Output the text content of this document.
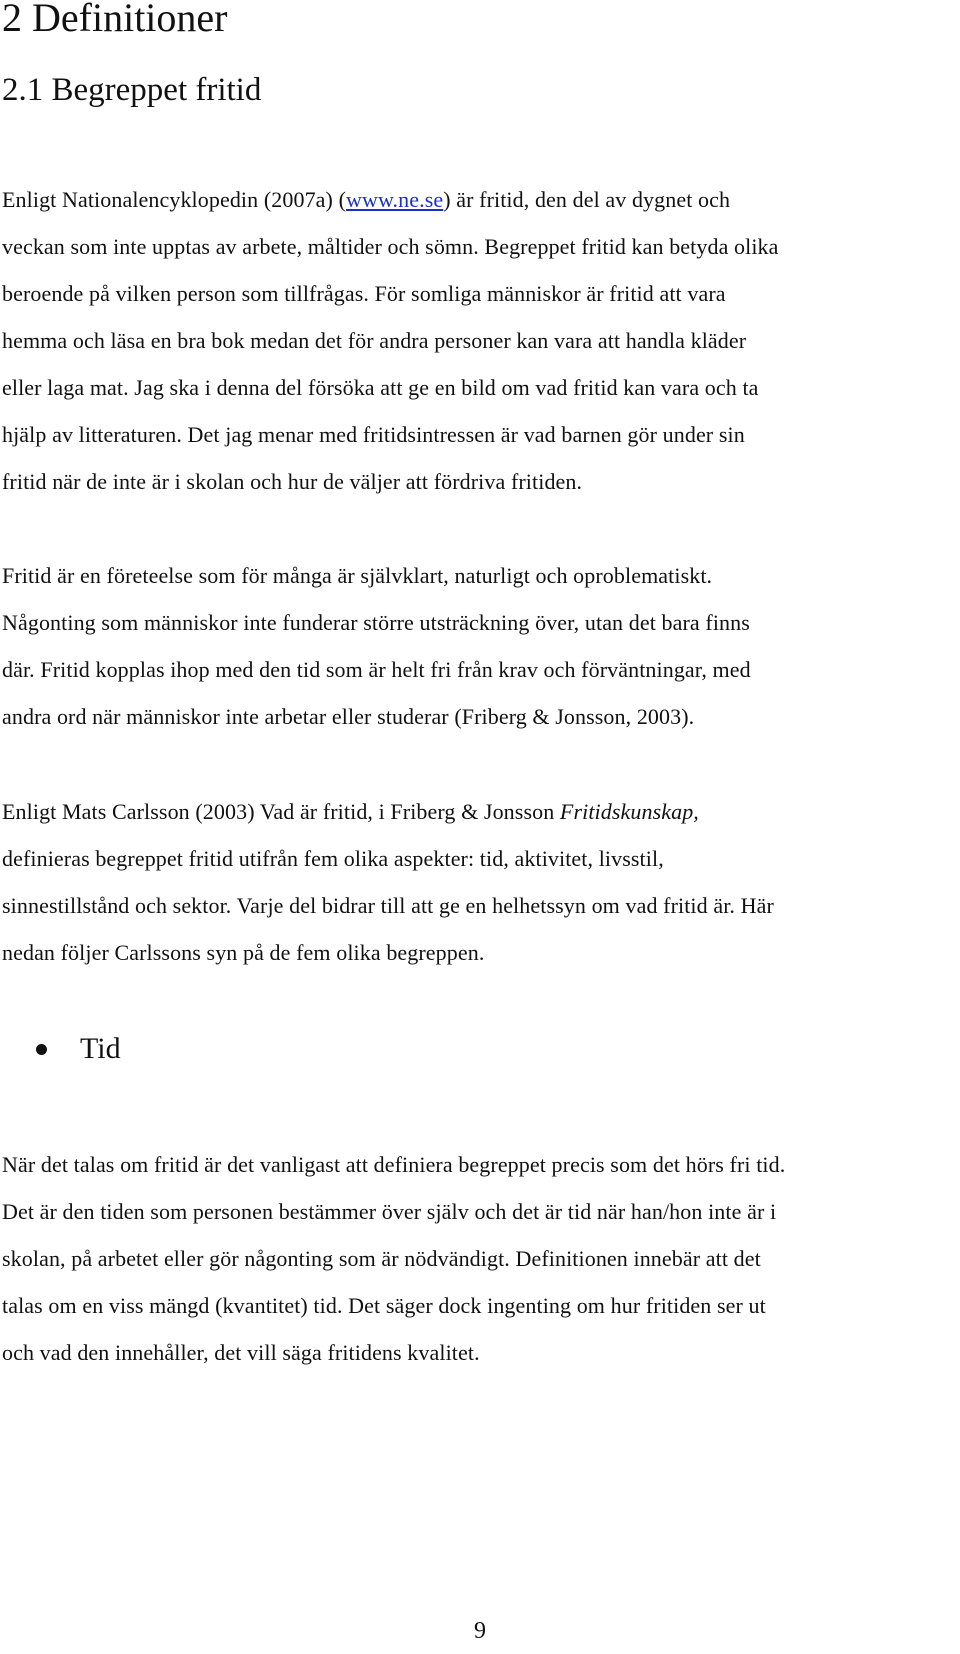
2 Definitioner
2.1 Begreppet fritid
Enligt Nationalencyklopedin (2007a) (www.ne.se) är fritid, den del av dygnet och
veckan som inte upptas av arbete, måltider och sömn. Begreppet fritid kan betyda olika
beroende på vilken person som tillfrågas. För somliga människor är fritid att vara
hemma och läsa en bra bok medan det för andra personer kan vara att handla kläder
eller laga mat. Jag ska i denna del försöka att ge en bild om vad fritid kan vara och ta
hjälp av litteraturen. Det jag menar med fritidsintressen är vad barnen gör under sin
fritid när de inte är i skolan och hur de väljer att fördriva fritiden.
Fritid är en företeelse som för många är självklart, naturligt och oproblematiskt.
Någonting som människor inte funderar större utsträckning över, utan det bara finns
där. Fritid kopplas ihop med den tid som är helt fri från krav och förväntningar, med
andra ord när människor inte arbetar eller studerar (Friberg & Jonsson, 2003).
Enligt Mats Carlsson (2003) Vad är fritid, i Friberg & Jonsson Fritidskunskap,
definieras begreppet fritid utifrån fem olika aspekter: tid, aktivitet, livsstil,
sinnestillstånd och sektor. Varje del bidrar till att ge en helhetssyn om vad fritid är. Här
nedan följer Carlssons syn på de fem olika begreppen.
Tid
När det talas om fritid är det vanligast att definiera begreppet precis som det hörs fri tid.
Det är den tiden som personen bestämmer över själv och det är tid när han/hon inte är i
skolan, på arbetet eller gör någonting som är nödvändigt. Definitionen innebär att det
talas om en viss mängd (kvantitet) tid. Det säger dock ingenting om hur fritiden ser ut
och vad den innehåller, det vill säga fritidens kvalitet.
9
